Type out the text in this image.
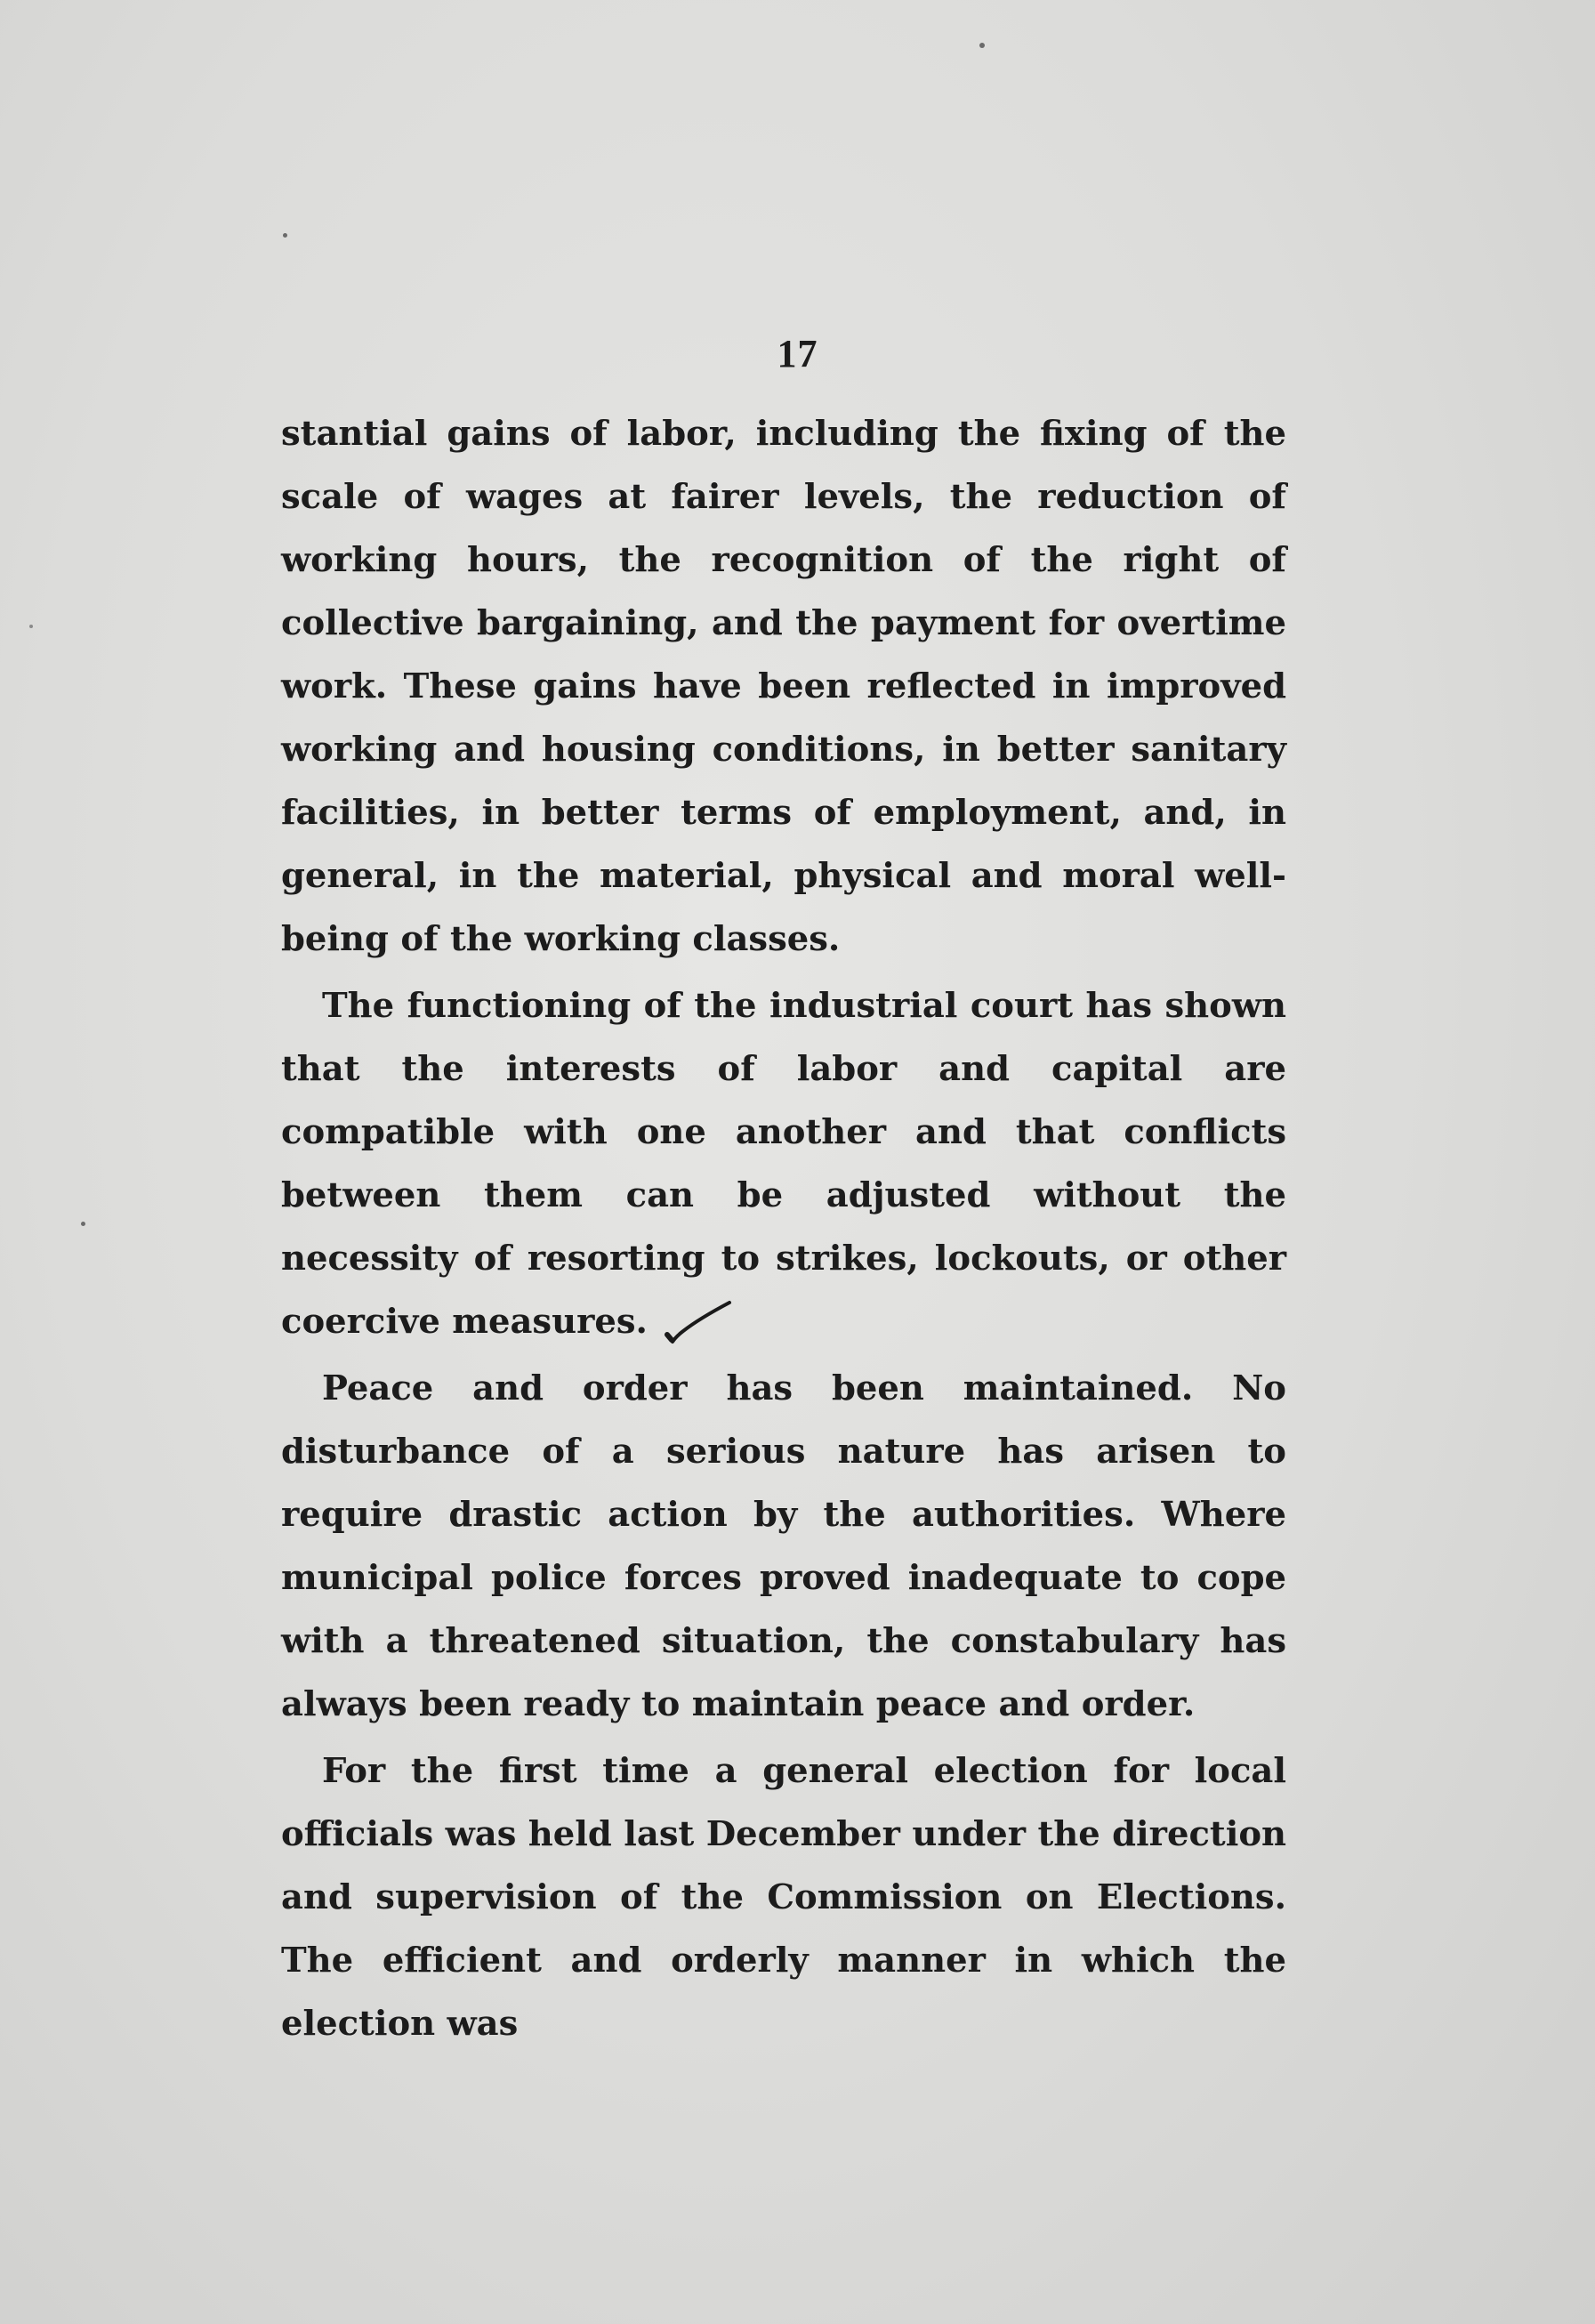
17

stantial gains of labor, including the fixing of the scale of wages at fairer levels, the reduction of working hours, the recognition of the right of collective bargaining, and the payment for overtime work. These gains have been reflected in improved working and housing conditions, in better sanitary facilities, in better terms of employment, and, in general, in the material, physical and moral well-being of the working classes.

The functioning of the industrial court has shown that the interests of labor and capital are compatible with one another and that conflicts between them can be adjusted without the necessity of resorting to strikes, lockouts, or other coercive measures.

Peace and order has been maintained. No disturbance of a serious nature has arisen to require drastic action by the authorities. Where municipal police forces proved inadequate to cope with a threatened situation, the constabulary has always been ready to maintain peace and order.

For the first time a general election for local officials was held last December under the direction and supervision of the Commission on Elections. The efficient and orderly manner in which the election was
